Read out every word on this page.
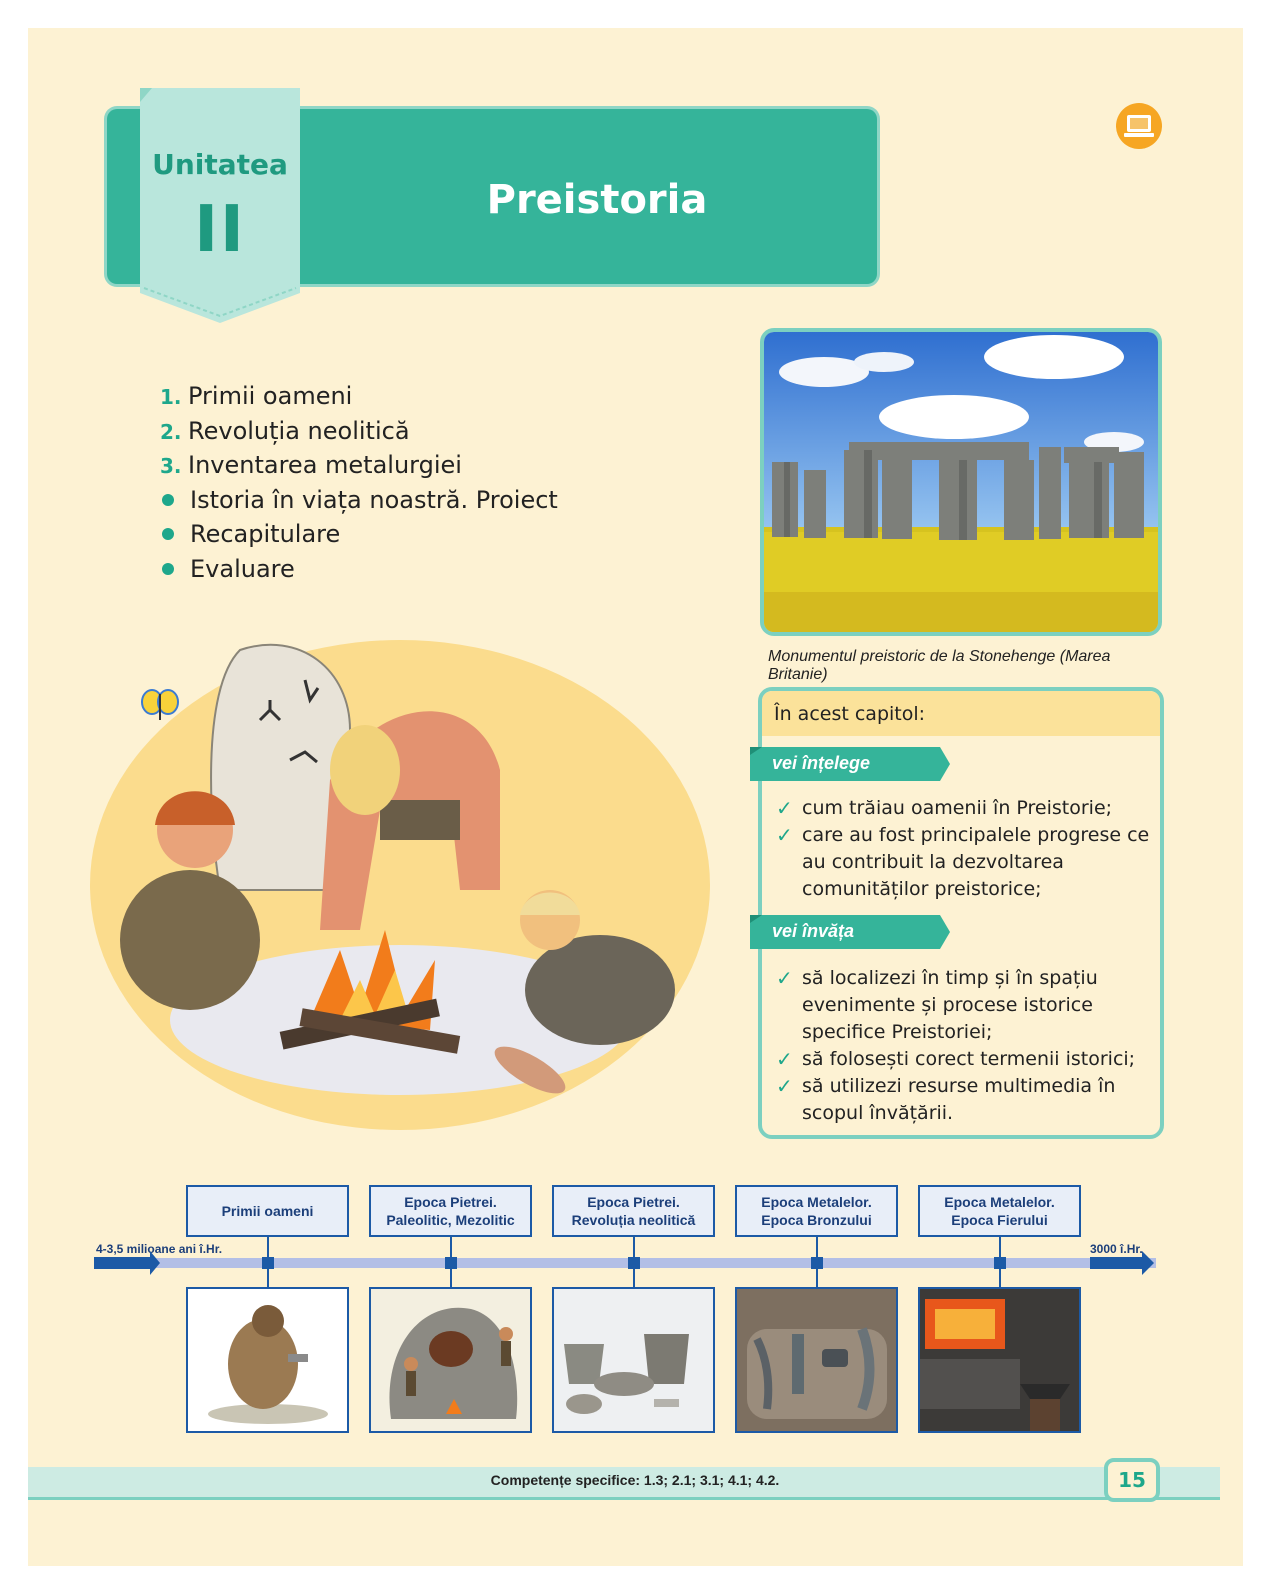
Preistoria
Unitatea
II
1. Primii oameni
2. Revoluția neolitică
3. Inventarea metalurgiei
Istoria în viața noastră. Proiect
Recapitulare
Evaluare
Monumentul preistoric de la Stonehenge (Marea Britanie)
În acest capitol:
vei înțelege
✓ cum trăiau oamenii în Preistorie;
✓ care au fost principalele progrese ce au contribuit la dezvoltarea comunităților preistorice;
vei învăța
✓ să localizezi în timp și în spațiu evenimente și procese istorice specifice Preistoriei;
✓ să folosești corect termenii istorici;
✓ să utilizezi resurse multimedia în scopul învățării.
Primii oameni
Epoca Pietrei.
Paleolitic, Mezolitic
Epoca Pietrei.
Revoluția neolitică
Epoca Metalelor.
Epoca Bronzului
Epoca Metalelor.
Epoca Fierului
4-3,5 milioane ani î.Hr.	3000 î.Hr.
Competențe specifice: 1.3; 2.1; 3.1; 4.1; 4.2.	15
